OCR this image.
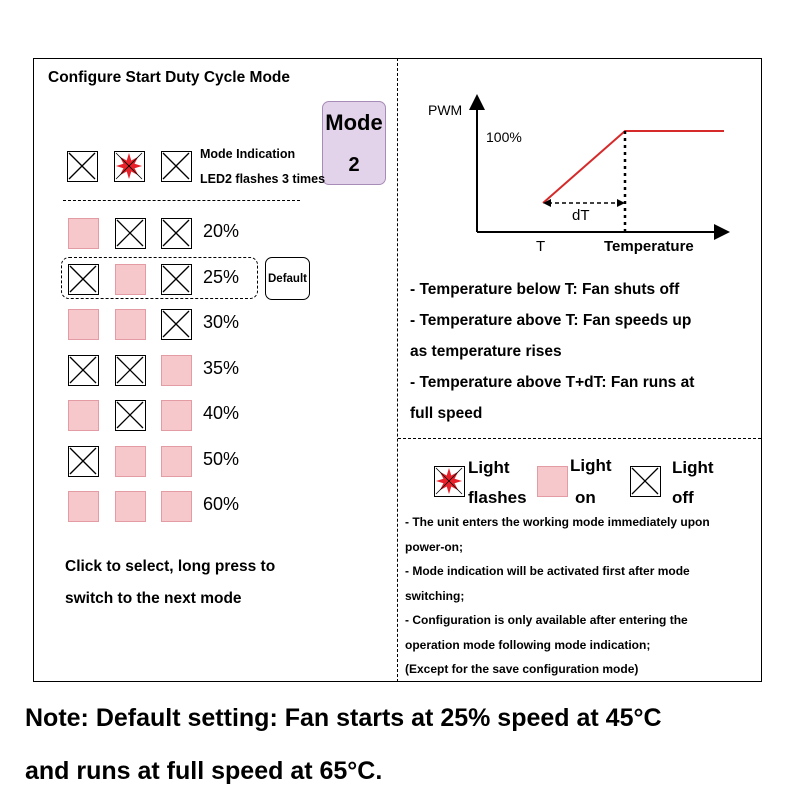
Configure Start Duty Cycle Mode
Mode
2
Mode Indication
LED2 flashes 3 times
20%
25%
30%
35%
40%
50%
60%
Default
Click to select, long press to
switch to the next mode
PWM
100%
dT
T	Temperature
- Temperature below T: Fan shuts off
- Temperature above T: Fan speeds up
as temperature rises
- Temperature above T+dT: Fan runs at
full speed
Light
flashes
Light
on
Light
off
- The unit enters the working mode immediately upon
power-on;
- Mode indication will be activated first after mode
switching;
- Configuration is only available after entering the
operation mode following mode indication;
(Except for the save configuration mode)
Note: Default setting: Fan starts at 25% speed at 45°C
and runs at full speed at 65°C.
